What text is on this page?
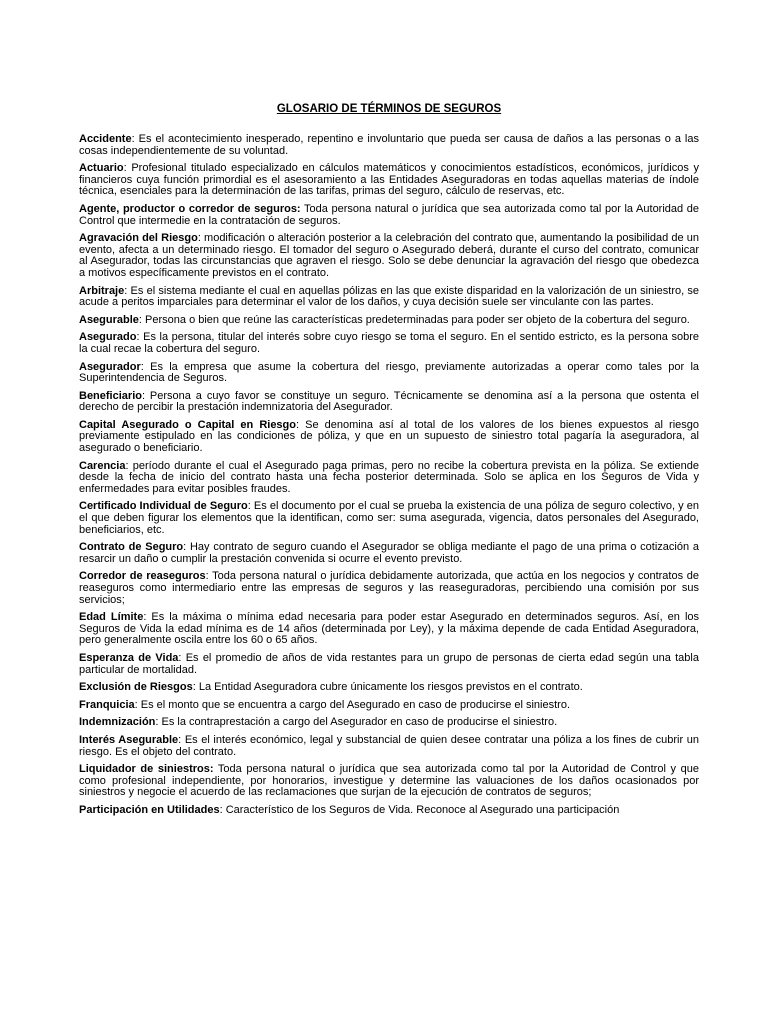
GLOSARIO DE TÉRMINOS DE SEGUROS

Accidente: Es el acontecimiento inesperado, repentino e involuntario que pueda ser causa de daños a las personas o a las cosas independientemente de su voluntad.

Actuario: Profesional titulado especializado en cálculos matemáticos y conocimientos estadísticos, económicos, jurídicos y financieros cuya función primordial es el asesoramiento a las Entidades Aseguradoras en todas aquellas materias de índole técnica, esenciales para la determinación de las tarifas, primas del seguro, cálculo de reservas, etc.

Agente, productor o corredor de seguros: Toda persona natural o jurídica que sea autorizada como tal por la Autoridad de Control que intermedie en la contratación de seguros.

Agravación del Riesgo: modificación o alteración posterior a la celebración del contrato que, aumentando la posibilidad de un evento, afecta a un determinado riesgo. El tomador del seguro o Asegurado deberá, durante el curso del contrato, comunicar al Asegurador, todas las circunstancias que agraven el riesgo. Solo se debe denunciar la agravación del riesgo que obedezca a motivos específicamente previstos en el contrato.

Arbitraje: Es el sistema mediante el cual en aquellas pólizas en las que existe disparidad en la valorización de un siniestro, se acude a peritos imparciales para determinar el valor de los daños, y cuya decisión suele ser vinculante con las partes.

Asegurable: Persona o bien que reúne las características predeterminadas para poder ser objeto de la cobertura del seguro.

Asegurado: Es la persona, titular del interés sobre cuyo riesgo se toma el seguro. En el sentido estricto, es la persona sobre la cual recae la cobertura del seguro.

Asegurador: Es la empresa que asume la cobertura del riesgo, previamente autorizadas a operar como tales por la Superintendencia de Seguros.

Beneficiario: Persona a cuyo favor se constituye un seguro. Técnicamente se denomina así a la persona que ostenta el derecho de percibir la prestación indemnizatoria del Asegurador.

Capital Asegurado o Capital en Riesgo: Se denomina así al total de los valores de los bienes expuestos al riesgo previamente estipulado en las condiciones de póliza, y que en un supuesto de siniestro total pagaría la aseguradora, al asegurado o beneficiario.

Carencia: período durante el cual el Asegurado paga primas, pero no recibe la cobertura prevista en la póliza. Se extiende desde la fecha de inicio del contrato hasta una fecha posterior determinada. Solo se aplica en los Seguros de Vida y enfermedades para evitar posibles fraudes.

Certificado Individual de Seguro: Es el documento por el cual se prueba la existencia de una póliza de seguro colectivo, y en el que deben figurar los elementos que la identifican, como ser: suma asegurada, vigencia, datos personales del Asegurado, beneficiarios, etc.

Contrato de Seguro: Hay contrato de seguro cuando el Asegurador se obliga mediante el pago de una prima o cotización a resarcir un daño o cumplir la prestación convenida si ocurre el evento previsto.

Corredor de reaseguros: Toda persona natural o jurídica debidamente autorizada, que actúa en los negocios y contratos de reaseguros como intermediario entre las empresas de seguros y las reaseguradoras, percibiendo una comisión por sus servicios;

Edad Límite: Es la máxima o mínima edad necesaria para poder estar Asegurado en determinados seguros. Así, en los Seguros de Vida la edad mínima es de 14 años (determinada por Ley), y la máxima depende de cada Entidad Aseguradora, pero generalmente oscila entre los 60 o 65 años.

Esperanza de Vida: Es el promedio de años de vida restantes para un grupo de personas de cierta edad según una tabla particular de mortalidad.

Exclusión de Riesgos: La Entidad Aseguradora cubre únicamente los riesgos previstos en el contrato.

Franquicia: Es el monto que se encuentra a cargo del Asegurado en caso de producirse el siniestro.

Indemnización: Es la contraprestación a cargo del Asegurador en caso de producirse el siniestro.

Interés Asegurable: Es el interés económico, legal y substancial de quien desee contratar una póliza a los fines de cubrir un riesgo. Es el objeto del contrato.

Liquidador de siniestros: Toda persona natural o jurídica que sea autorizada como tal por la Autoridad de Control y que como profesional independiente, por honorarios, investigue y determine las valuaciones de los daños ocasionados por siniestros y negocie el acuerdo de las reclamaciones que surjan de la ejecución de contratos de seguros;

Participación en Utilidades: Característico de los Seguros de Vida. Reconoce al Asegurado una participación
